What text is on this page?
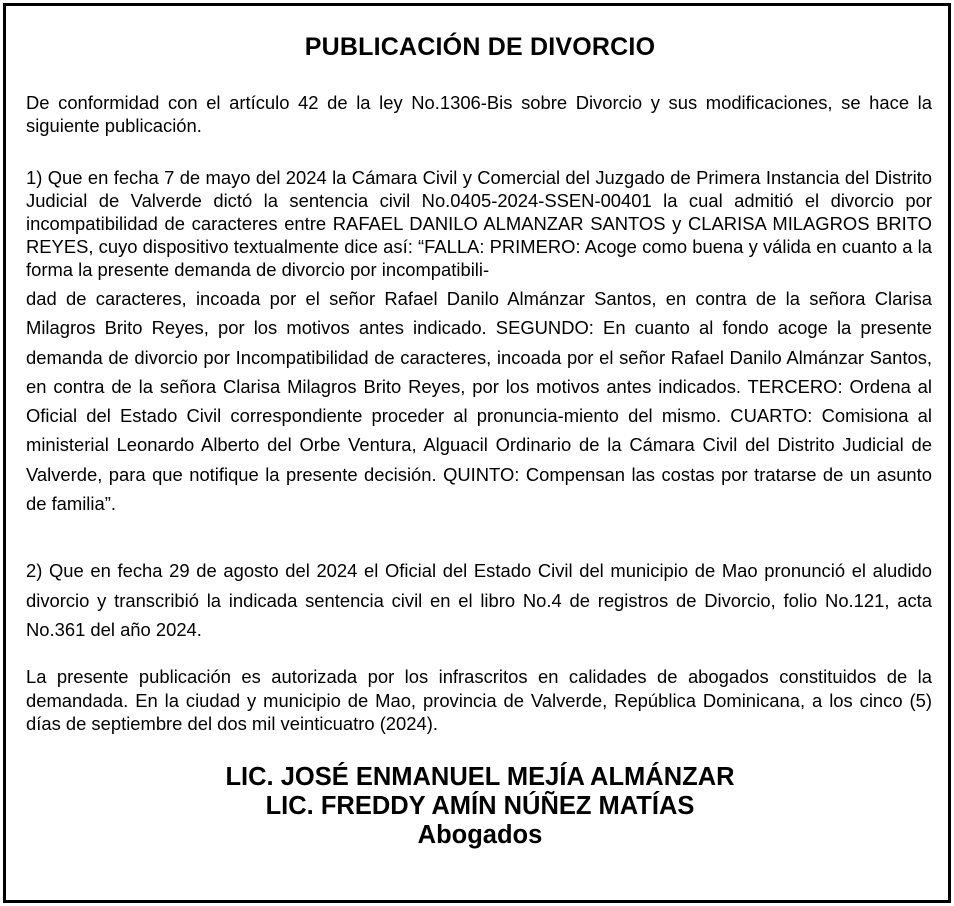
PUBLICACIÓN DE DIVORCIO

De conformidad con el artículo 42 de la ley No.1306-Bis sobre Divorcio y sus modificaciones, se hace la siguiente publicación.

1) Que en fecha 7 de mayo del 2024 la Cámara Civil y Comercial del Juzgado de Primera Instancia del Distrito Judicial de Valverde dictó la sentencia civil No.0405-2024-SSEN-00401 la cual admitió el divorcio por incompatibilidad de caracteres entre RAFAEL DANILO ALMANZAR SANTOS y CLARISA MILAGROS BRITO REYES, cuyo dispositivo textualmente dice así: “FALLA: PRIMERO: Acoge como buena y válida en cuanto a la forma la presente demanda de divorcio por incompatibili-
dad de caracteres, incoada por el señor Rafael Danilo Almánzar Santos, en contra de la señora Clarisa Milagros Brito Reyes, por los motivos antes indicado. SEGUNDO: En cuanto al fondo acoge la presente demanda de divorcio por Incompatibilidad de caracteres, incoada por el señor Rafael Danilo Almánzar Santos, en contra de la señora Clarisa Milagros Brito Reyes, por los motivos antes indicados. TERCERO: Ordena al Oficial del Estado Civil correspondiente proceder al pronuncia-miento del mismo. CUARTO: Comisiona al ministerial Leonardo Alberto del Orbe Ventura, Alguacil Ordinario de la Cámara Civil del Distrito Judicial de Valverde, para que notifique la presente decisión. QUINTO: Compensan las costas por tratarse de un asunto de familia”.

2) Que en fecha 29 de agosto del 2024 el Oficial del Estado Civil del municipio de Mao pronunció el aludido divorcio y transcribió la indicada sentencia civil en el libro No.4 de registros de Divorcio, folio No.121, acta No.361 del año 2024.

La presente publicación es autorizada por los infrascritos en calidades de abogados constituidos de la demandada. En la ciudad y municipio de Mao, provincia de Valverde, República Dominicana, a los cinco (5) días de septiembre del dos mil veinticuatro (2024).

LIC. JOSÉ ENMANUEL MEJÍA ALMÁNZAR
LIC. FREDDY AMÍN NÚÑEZ MATÍAS
Abogados
